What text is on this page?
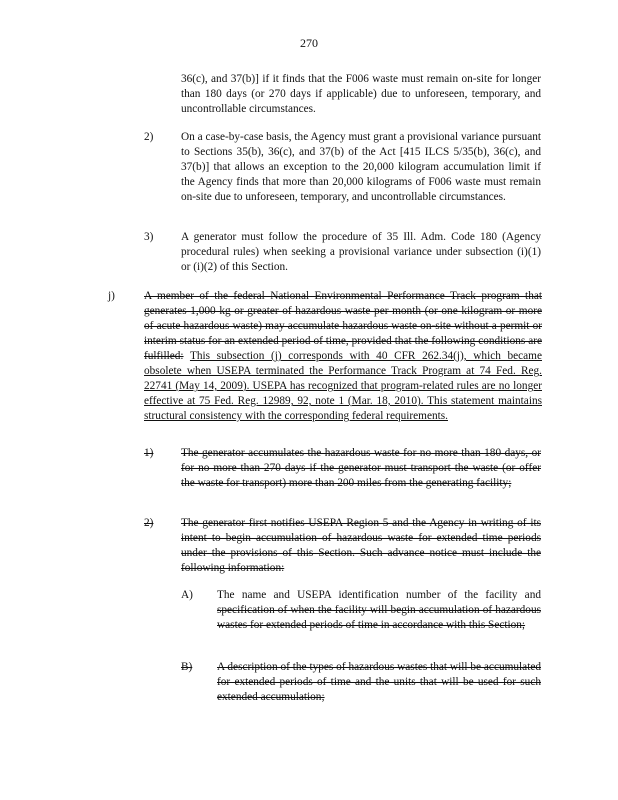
270

36(c), and 37(b)] if it finds that the F006 waste must remain on-site for longer than 180 days (or 270 days if applicable) due to unforeseen, temporary, and uncontrollable circumstances.

2) On a case-by-case basis, the Agency must grant a provisional variance pursuant to Sections 35(b), 36(c), and 37(b) of the Act [415 ILCS 5/35(b), 36(c), and 37(b)] that allows an exception to the 20,000 kilogram accumulation limit if the Agency finds that more than 20,000 kilograms of F006 waste must remain on-site due to unforeseen, temporary, and uncontrollable circumstances.

3) A generator must follow the procedure of 35 Ill. Adm. Code 180 (Agency procedural rules) when seeking a provisional variance under subsection (i)(1) or (i)(2) of this Section.

j)	A member of the federal National Environmental Performance Track program that generates 1,000 kg or greater of hazardous waste per month (or one kilogram or more of acute hazardous waste) may accumulate hazardous waste on-site without a permit or interim status for an extended period of time, provided that the following conditions are fulfilled: This subsection (j) corresponds with 40 CFR 262.34(j), which became obsolete when USEPA terminated the Performance Track Program at 74 Fed. Reg. 22741 (May 14, 2009). USEPA has recognized that program-related rules are no longer effective at 75 Fed. Reg. 12989, 92, note 1 (Mar. 18, 2010). This statement maintains structural consistency with the corresponding federal requirements.

1) The generator accumulates the hazardous waste for no more than 180 days, or for no more than 270 days if the generator must transport the waste (or offer the waste for transport) more than 200 miles from the generating facility;

2) The generator first notifies USEPA Region 5 and the Agency in writing of its intent to begin accumulation of hazardous waste for extended time periods under the provisions of this Section. Such advance notice must include the following information:

A) The name and USEPA identification number of the facility and specification of when the facility will begin accumulation of hazardous wastes for extended periods of time in accordance with this Section;

B) A description of the types of hazardous wastes that will be accumulated for extended periods of time and the units that will be used for such extended accumulation;
